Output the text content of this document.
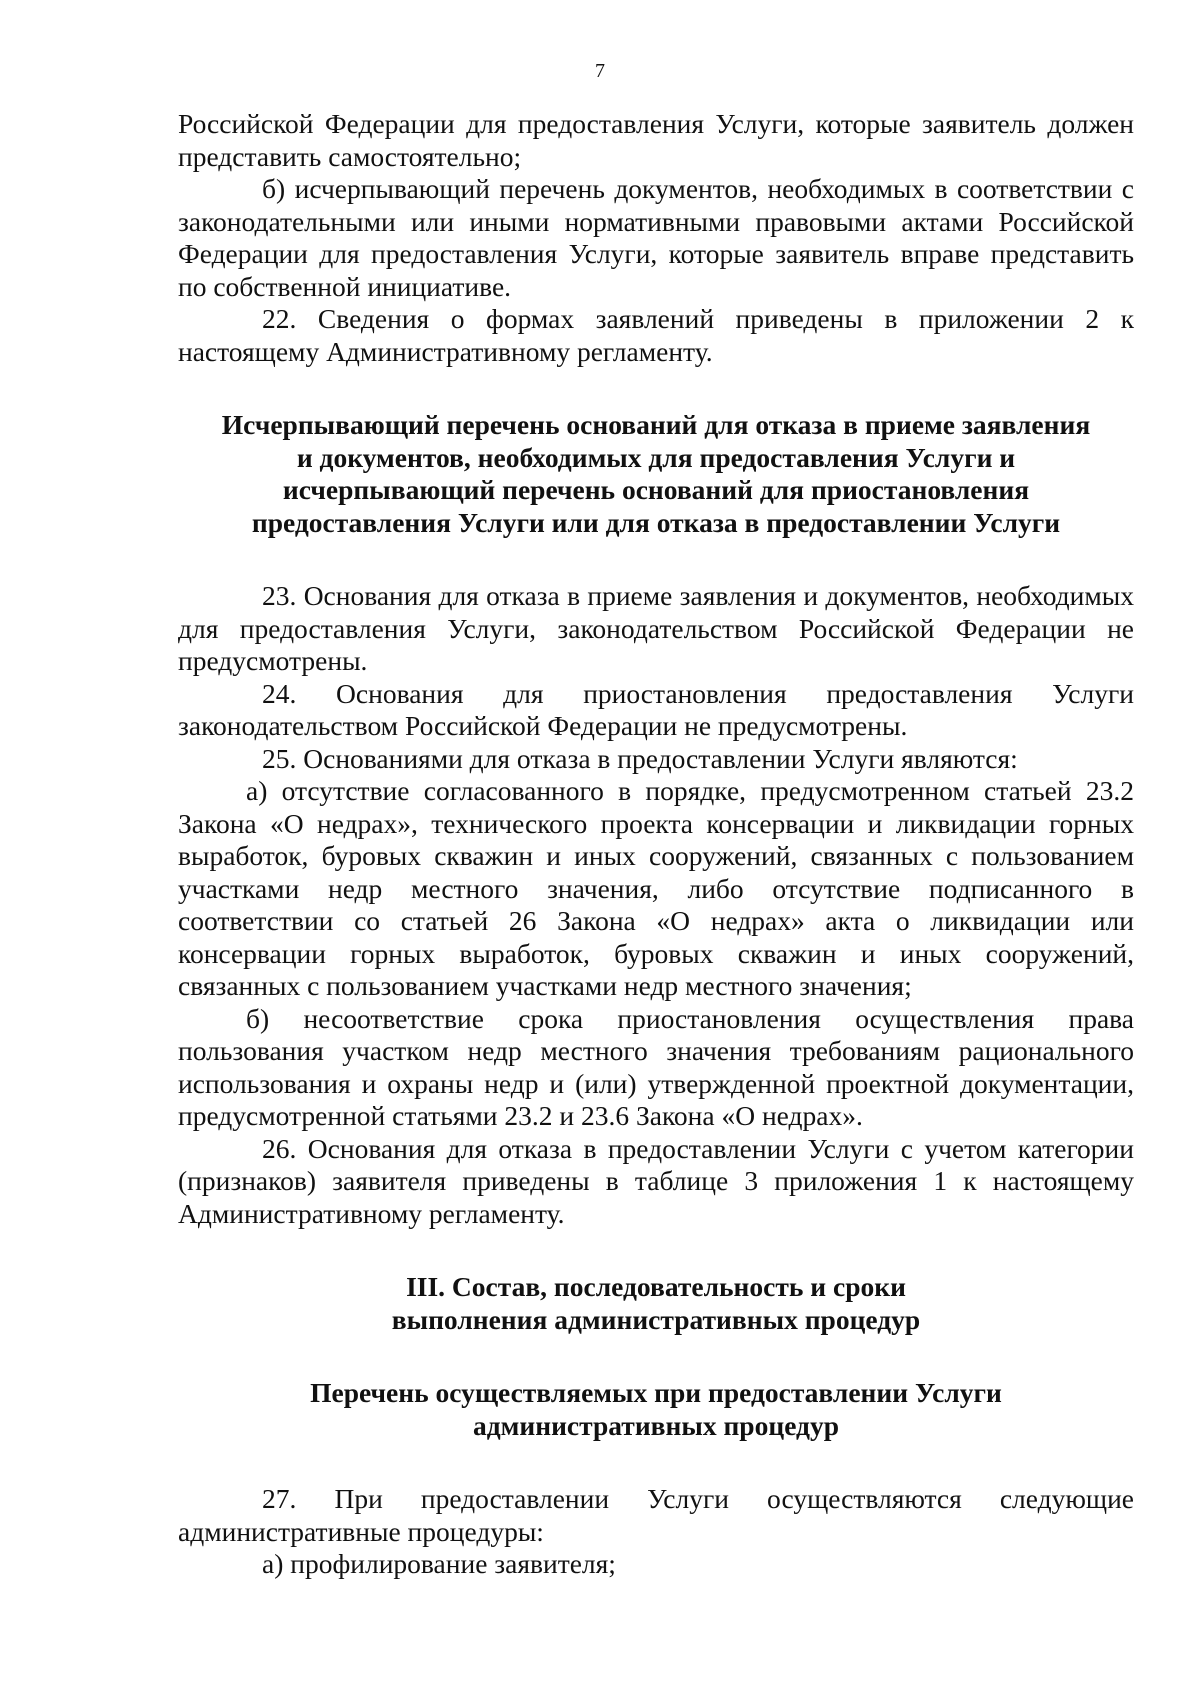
7

Российской Федерации для предоставления Услуги, которые заявитель должен представить самостоятельно;

б) исчерпывающий перечень документов, необходимых в соответствии с законодательными или иными нормативными правовыми актами Российской Федерации для предоставления Услуги, которые заявитель вправе представить по собственной инициативе.

22. Сведения о формах заявлений приведены в приложении 2 к настоящему Административному регламенту.

Исчерпывающий перечень оснований для отказа в приеме заявления и документов, необходимых для предоставления Услуги и исчерпывающий перечень оснований для приостановления предоставления Услуги или для отказа в предоставлении Услуги

23. Основания для отказа в приеме заявления и документов, необходимых для предоставления Услуги, законодательством Российской Федерации не предусмотрены.

24. Основания для приостановления предоставления Услуги законодательством Российской Федерации не предусмотрены.

25. Основаниями для отказа в предоставлении Услуги являются:

а) отсутствие согласованного в порядке, предусмотренном статьей 23.2 Закона «О недрах», технического проекта консервации и ликвидации горных выработок, буровых скважин и иных сооружений, связанных с пользованием участками недр местного значения, либо отсутствие подписанного в соответствии со статьей 26 Закона «О недрах» акта о ликвидации или консервации горных выработок, буровых скважин и иных сооружений, связанных с пользованием участками недр местного значения;

б) несоответствие срока приостановления осуществления права пользования участком недр местного значения требованиям рационального использования и охраны недр и (или) утвержденной проектной документации, предусмотренной статьями 23.2 и 23.6 Закона «О недрах».

26. Основания для отказа в предоставлении Услуги с учетом категории (признаков) заявителя приведены в таблице 3 приложения 1 к настоящему Административному регламенту.

III. Состав, последовательность и сроки выполнения административных процедур

Перечень осуществляемых при предоставлении Услуги административных процедур

27. При предоставлении Услуги осуществляются следующие административные процедуры:

а) профилирование заявителя;
